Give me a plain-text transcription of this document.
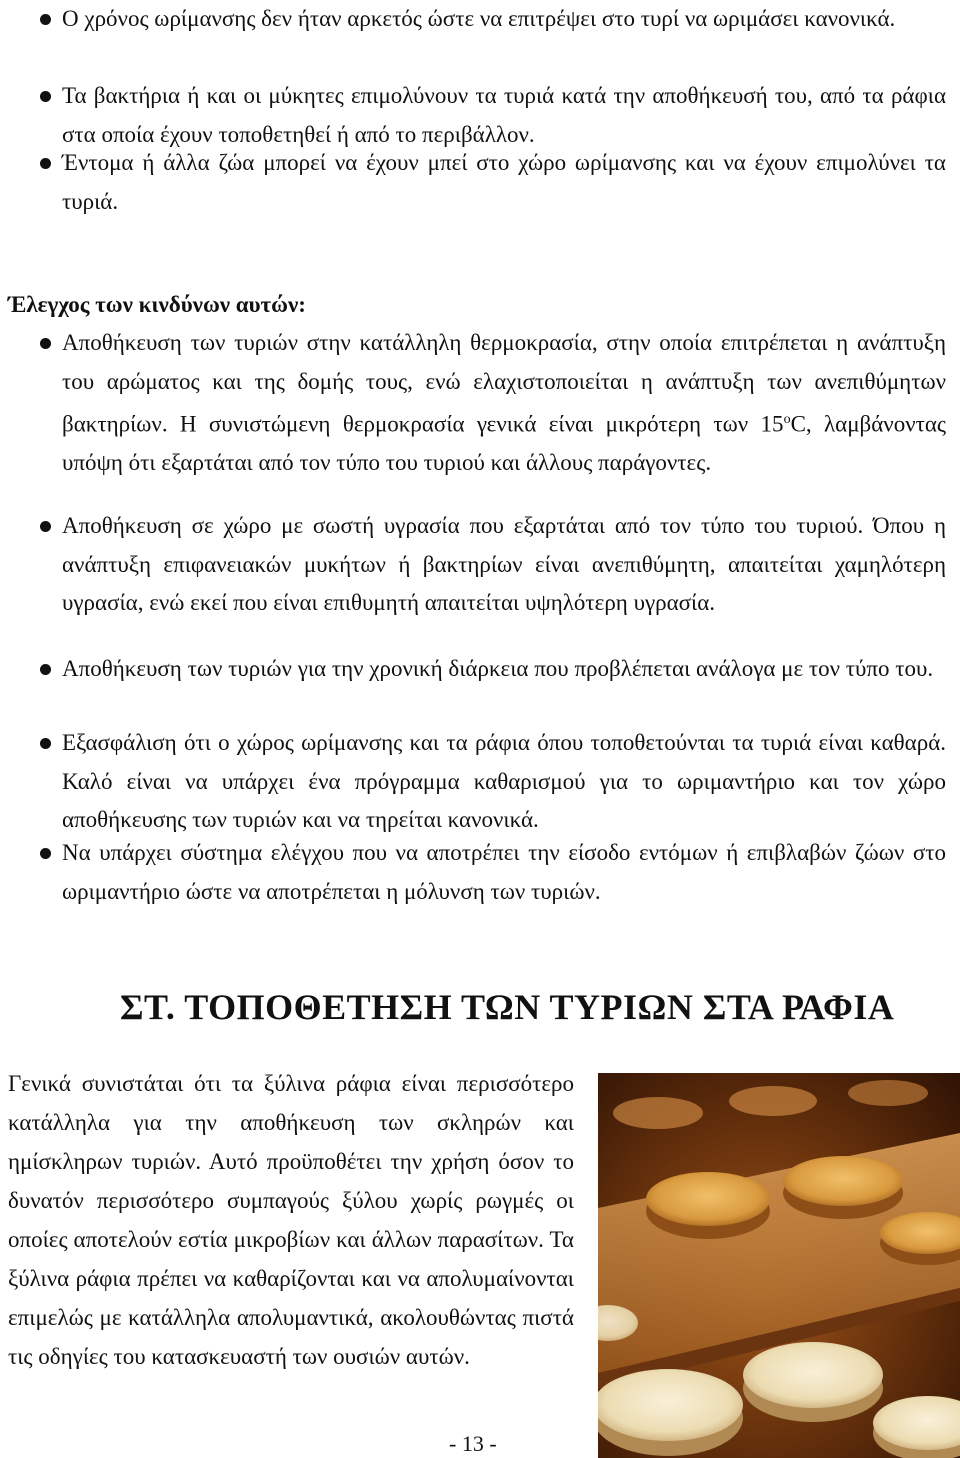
Ο χρόνος ωρίμανσης δεν ήταν αρκετός ώστε να επιτρέψει στο τυρί να ωριμάσει κανονικά.
Τα βακτήρια ή και οι μύκητες επιμολύνουν τα τυριά κατά την αποθήκευσή του, από τα ράφια στα οποία έχουν τοποθετηθεί ή από το περιβάλλον.
Έντομα ή άλλα ζώα μπορεί να έχουν μπεί στο χώρο ωρίμανσης και να έχουν επιμολύνει τα τυριά.
Έλεγχος των κινδύνων αυτών:
Αποθήκευση των τυριών στην κατάλληλη θερμοκρασία, στην οποία επιτρέπεται η ανάπτυξη του αρώματος και της δομής τους, ενώ ελαχιστοποιείται η ανάπτυξη των ανεπιθύμητων βακτηρίων. Η συνιστώμενη θερμοκρασία γενικά είναι μικρότερη των $15^oC$, λαμβάνοντας υπόψη ότι εξαρτάται από τον τύπο του τυριού και άλλους παράγοντες.
Αποθήκευση σε χώρο με σωστή υγρασία που εξαρτάται από τον τύπο του τυριού. Όπου η ανάπτυξη επιφανειακών μυκήτων ή βακτηρίων είναι ανεπιθύμητη, απαιτείται χαμηλότερη υγρασία, ενώ εκεί που είναι επιθυμητή απαιτείται υψηλότερη υγρασία.
Αποθήκευση των τυριών για την χρονική διάρκεια που προβλέπεται ανάλογα με τον τύπο του.
Εξασφάλιση ότι ο χώρος ωρίμανσης και τα ράφια όπου τοποθετούνται τα τυριά είναι καθαρά. Καλό είναι να υπάρχει ένα πρόγραμμα καθαρισμού για το ωριμαντήριο και τον χώρο αποθήκευσης των τυριών και να τηρείται κανονικά.
Να υπάρχει σύστημα ελέγχου που να αποτρέπει την είσοδο εντόμων ή επιβλαβών ζώων στο ωριμαντήριο ώστε να αποτρέπεται η μόλυνση των τυριών.
ΣΤ. ΤΟΠΟΘΕΤΗΣΗ ΤΩΝ ΤΥΡΙΩΝ ΣΤΑ ΡΑΦΙΑ
Γενικά συνιστάται ότι τα ξύλινα ράφια είναι περισσότερο κατάλληλα για την αποθήκευση των σκληρών και ημίσκληρων τυριών. Αυτό προϋποθέτει την χρήση όσον το δυνατόν περισσότερο συμπαγούς ξύλου χωρίς ρωγμές οι οποίες αποτελούν εστία μικροβίων και άλλων παρασίτων. Τα ξύλινα ράφια πρέπει να καθαρίζονται και να απολυμαίνονται επιμελώς με κατάλληλα απολυμαντικά, ακολουθώντας πιστά τις οδηγίες του κατασκευαστή των ουσιών αυτών.
- 13 -
